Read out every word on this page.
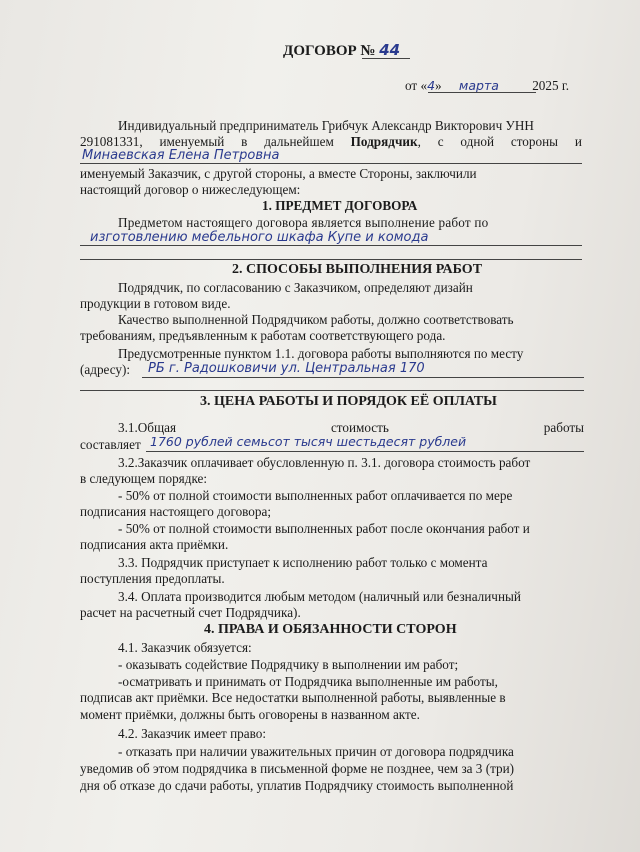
ДОГОВОР № 44
от «4» марта	2025 г.
Индивидуальный предприниматель Грибчук Александр Викторович УНН
291081331, именуемый в дальнейшем Подрядчик, с одной стороны и
Минаевская Елена Петровна
именуемый Заказчик, с другой стороны, а вместе Стороны, заключили
настоящий договор о нижеследующем:
1. ПРЕДМЕТ ДОГОВОРА
Предметом настоящего договора является выполнение работ по
изготовлению мебельного шкафа Купе и комода
2. СПОСОБЫ ВЫПОЛНЕНИЯ РАБОТ
Подрядчик, по согласованию с Заказчиком, определяют дизайн
продукции в готовом виде.
Качество выполненной Подрядчиком работы, должно соответствовать
требованиям, предъявленным к работам соответствующего рода.
Предусмотренные пунктом 1.1. договора работы выполняются по месту
(адресу): РБ г. Радошковичи ул. Центральная 170
3. ЦЕНА РАБОТЫ И ПОРЯДОК ЕЁ ОПЛАТЫ
3.1.Общая	стоимость	работы
составляет 1760 рублей семьсот тысяч шестьдесят рублей
3.2.Заказчик оплачивает обусловленную п. 3.1. договора стоимость работ
в следующем порядке:
- 50% от полной стоимости выполненных работ оплачивается по мере
подписания настоящего договора;
- 50% от полной стоимости выполненных работ после окончания работ и
подписания акта приёмки.
3.3. Подрядчик приступает к исполнению работ только с момента
поступления предоплаты.
3.4. Оплата производится любым методом (наличный или безналичный
расчет на расчетный счет Подрядчика).
4. ПРАВА И ОБЯЗАННОСТИ СТОРОН
4.1. Заказчик обязуется:
- оказывать содействие Подрядчику в выполнении им работ;
-осматривать и принимать от Подрядчика выполненные им работы,
подписав акт приёмки. Все недостатки выполненной работы, выявленные в
момент приёмки, должны быть оговорены в названном акте.
4.2. Заказчик имеет право:
- отказать при наличии уважительных причин от договора подрядчика
уведомив об этом подрядчика в письменной форме не позднее, чем за 3 (три)
дня об отказе до сдачи работы, уплатив Подрядчику стоимость выполненной
